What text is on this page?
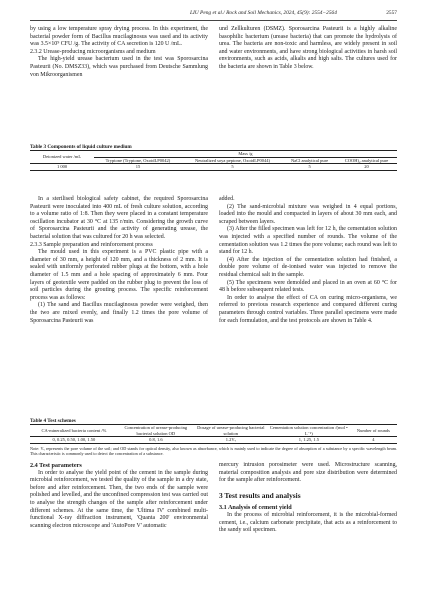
LIU Peng et al./ Rock and Soil Mechanics, 2024, 45(9): 2554−2564	2557

by using a low temperature spray drying process. In this experiment, the bacterial powder form of Bacillus mucilaginosus was used and its activity was 3.5×10⁹ CFU /g. The activity of CA secretion is 120 U /mL.

2.3.2 Urease-producing microorganisms and medium

The high-yield urease bacterium used in the test was Sporosarcina Pasteurii (No. DMSZ33), which was purchased from Deutsche Sammlung von Mikroorganismen

und Zellkulturen (DSMZ). Sporosarcina Pasteurii is a highly alkaline basophilic bacterium (urease bacteria) that can promote the hydrolysis of urea. The bacteria are non-toxic and harmless, are widely present in soil and water environments, and have strong biological activities in harsh soil environments, such as acids, alkalis and high salts. The cultures used for the bacteria are shown in Table 3 below.

Table 3 Components of liquid culture medium
Deionized water /mL	Mass /g			
	Tryptone (Tryptone, OxoidLP0042)	Neutralized soya peptone, OxoidLP0044)	NaCl analytical pure	COOH)₂ analytical pure
1 000	15	5	5	20

In a sterilised biological safety cabinet, the required Sporosarcina Pasteurii were inoculated into 400 mL of fresh culture solution, according to a volume ratio of 1:8. Then they were placed in a constant temperature oscillation incubator at 30 °C at 135 r/min. Considering the growth curve of Sporosarcina Pasteurii and the activity of generating urease, the bacterial solution that was cultured for 20 h was selected.

2.3.3 Sample preparation and reinforcement process

The mould used in this experiment is a PVC plastic pipe with a diameter of 30 mm, a height of 120 mm, and a thickness of 2 mm. It is sealed with uniformly perforated rubber plugs at the bottom, with a hole diameter of 1.5 mm and a hole spacing of approximately 6 mm. Four layers of geotextile were padded on the rubber plug to prevent the loss of soil particles during the grouting process. The specific reinforcement process was as follows:

(1) The sand and Bacillus mucilaginosus powder were weighed, then the two are mixed evenly, and finally 1.2 times the pore volume of Sporosarcina Pasteurii was

added.

(2) The sand-microbial mixture was weighed in 4 equal portions, loaded into the mould and compacted in layers of about 30 mm each, and scraped between layers.

(3) After the filled specimen was left for 12 h, the cementation solution was injected with a specified number of rounds. The volume of the cementation solution was 1.2 times the pore volume; each round was left to stand for 12 h.

(4) After the injection of the cementation solution had finished, a double pore volume of de-ionised water was injected to remove the residual chemical salt in the sample.

(5) The specimens were demolded and placed in an oven at 60 °C for 48 h before subsequent related tests.

In order to analyse the effect of CA on curing micro-organisms, we referred to previous research experience and compared different curing parameters through control variables. Three parallel specimens were made for each formulation, and the test protocols are shown in Table 4.

Table 4 Test schemes
CA-mineralized bacteria content /%	Concentration of urease-producing bacterial solution OD	Dosage of urease-producing bacterial solution	Cementation solution concentration /(mol • L⁻¹)	Number of rounds
0, 0.25, 0.50, 1.00, 1.50	0.8, 1.6	1.2Vᵥ	1, 1.25, 1.5	4
Note: Vᵥ represents the pore volume of the soil; and OD stands for optical density, also known as absorbance, which is mainly used to indicate the degree of absorption of a substance by a specific wavelength beam. This characteristic is commonly used to detect the concentration of a substance.

2.4 Test parameters

In order to analyse the yield point of the cement in the sample during microbial reinforcement, we tested the quality of the sample in a dry state, before and after reinforcement. Then, the two ends of the sample were polished and levelled, and the unconfined compression test was carried out to analyse the strength changes of the sample after reinforcement under different schemes. At the same time, the 'Ultima IV' combined multi-functional X-ray diffraction instrument, 'Quanta 200' environmental scanning electron microscope and 'AutoPore V' automatic

mercury intrusion porosimeter were used. Microstructure scanning, material composition analysis and pore size distribution were determined for the sample after reinforcement.

3 Test results and analysis

3.1 Analysis of cement yield

In the process of microbial reinforcement, it is the microbial-formed cement, i.e., calcium carbonate precipitate, that acts as a reinforcement to the sandy soil specimen.
